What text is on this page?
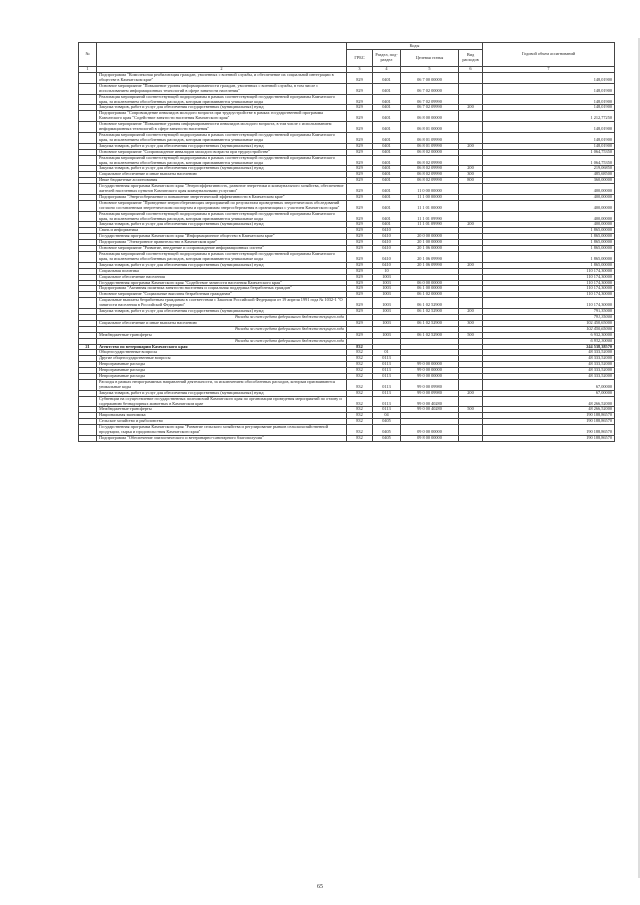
№		Коды				Годовой объем ассигнований
		ГРБС	Раздел, под-раздел	Целевая статья	Вид расходов	
1	2	3	4	5	6	7
	Подпрограмма "Комплексная реабилитация граждан, уволенных с военной службы, и обеспечение их социальной интеграции в обществе в Камчатском крае"	829	0401	06 7 00 00000		148,01900
	Основное мероприятие "Повышение уровня информированности граждан, уволенных с военной службы, в том числе с использованием информационных технологий в сфере занятости населения"	829	0401	06 7 02 00000		148,01900
	Реализация мероприятий соответствующей подпрограммы в рамках соответствующей государственной программы Камчатского края, за исключением обособленных расходов, которым присваиваются уникальные коды	829	0401	06 7 02 09990		148,01900
	Закупка товаров, работ и услуг для обеспечения государственных (муниципальных) нужд	829	0401	06 7 02 09990	200	148,01900
	Подпрограмма "Сопровождение инвалидов молодого возраста при трудоустройстве в рамках государственной программы Камчатского края "Содействие занятости населения Камчатского края"	829	0401	06 8 00 00000		1 212,77250
	Основное мероприятие "Повышение уровня информированности инвалидов молодого возраста, в том числе с использованием информационных технологий в сфере занятости населения"	829	0401	06 8 01 00000		148,01900
	Реализация мероприятий соответствующей подпрограммы в рамках соответствующей государственной программы Камчатского края, за исключением обособленных расходов, которым присваиваются уникальные коды	829	0401	06 8 01 09990		148,01900
	Закупка товаров, работ и услуг для обеспечения государственных (муниципальных) нужд	829	0401	06 8 01 09990	200	148,01900
	Основное мероприятие "Сопровождение инвалидов молодого возраста при трудоустройстве"	829	0401	06 8 02 00000		1 064,75350
	Реализация мероприятий соответствующей подпрограммы в рамках соответствующей государственной программы Камчатского края, за исключением обособленных расходов, которым присваиваются уникальные коды	829	0401	06 8 02 09990		1 064,75350
	Закупка товаров, работ и услуг для обеспечения государственных (муниципальных) нужд	829	0401	06 8 02 09990	200	219,06850
	Социальное обеспечение и иные выплаты населению	829	0401	06 8 02 09990	300	485,68500
	Иные бюджетные ассигнования	829	0401	06 8 02 09990	800	360,00000
	Государственная программа Камчатского края "Энергоэффективность, развитие энергетики и коммунального хозяйства, обеспечение жителей населенных пунктов Камчатского края коммунальными услугами"	829	0401	11 0 00 00000		400,00000
	Подпрограмма "Энергосбережение и повышение энергетической эффективности в Камчатском крае"	829	0401	11 1 00 00000		400,00000
	Основное мероприятие "Проведение энергосберегающих мероприятий по результатам проведенных энергетических обследований согласно составленным энергетическим паспортам и программам энергосбережения в организациях с участием Камчатского края"	829	0401	11 1 01 00000		400,00000
	Реализация мероприятий соответствующей подпрограммы в рамках соответствующей государственной программы Камчатского края, за исключением обособленных расходов, которым присваиваются уникальные коды	829	0401	11 1 01 09990		400,00000
	Закупка товаров, работ и услуг для обеспечения государственных (муниципальных) нужд	829	0401	11 1 01 09990	200	400,00000
	Связь и информатика	829	0410			1 865,00000
	Государственная программа Камчатского края "Информационное общество в Камчатском крае"	829	0410	20 0 00 00000		1 865,00000
	Подпрограмма "Электронное правительство в Камчатском крае"	829	0410	20 1 00 00000		1 865,00000
	Основное мероприятие "Развитие, внедрение и сопровождение информационных систем"	829	0410	20 1 06 00000		1 865,00000
	Реализация мероприятий соответствующей подпрограммы в рамках соответствующей государственной программы Камчатского края, за исключением обособленных расходов, которым присваиваются уникальные коды	829	0410	20 1 06 09990		1 865,00000
	Закупка товаров, работ и услуг для обеспечения государственных (муниципальных) нужд	829	0410	20 1 06 09990	200	1 865,00000
	Социальная политика	829	10			110 174,30000
	Социальное обеспечение населения	829	1003			110 174,30000
	Государственная программа Камчатского края "Содействие занятости населения Камчатского края"	829	1003	06 0 00 00000		110 174,30000
	Подпрограмма "Активная политика занятости населения и социальная поддержка безработных граждан"	829	1003	06 1 00 00000		110 174,30000
	Основное мероприятие "Социальные выплаты безработным гражданам"	829	1003	06 1 02 00000		110 174,30000
	Социальные выплаты безработным гражданам в соответствии с Законом Российской Федерации от 19 апреля 1991 года № 1032-1 "О занятости населения в Российской Федерации"	829	1003	06 1 02 52900		110 174,30000
	Закупка товаров, работ и услуг для обеспечения государственных (муниципальных) нужд	829	1003	06 1 02 52900	200	791,35000
	Расходы за счет средств федерального бюджета текущего года					791,35000
	Социальное обеспечение и иные выплаты населению	829	1003	06 1 02 52900	300	102 450,65000
	Расходы за счет средств федерального бюджета текущего года					102 450,65000
	Межбюджетные трансферты	829	1003	06 1 02 52900	500	6 932,30000
	Расходы за счет средств федерального бюджета текущего года					6 932,30000
21	Агентство по ветеринарии Камчатского края	832				244 538,38570
	Общегосударственные вопросы	832	01			48 333,52000
	Другие общегосударственные вопросы	832	0113			48 333,52000
	Непрограммные расходы	832	0113	99 0 00 00000		48 333,52000
	Непрограммные расходы	832	0113	99 0 00 00000		48 333,52000
	Непрограммные расходы	832	0113	99 0 00 00000		48 333,52000
	Расходы в рамках непрограммных направлений деятельности, за исключением обособленных расходов, которым присваиваются уникальные коды	832	0113	99 0 00 09980		67,00000
	Закупка товаров, работ и услуг для обеспечения государственных (муниципальных) нужд	832	0113	99 0 00 09980	200	67,00000
	Субвенции на осуществление государственных полномочий Камчатского края по организации проведения мероприятий по отлову и содержанию безнадзорных животных в Камчатском крае	832	0113	99 0 00 40280		48 266,52000
	Межбюджетные трансферты	832	0113	99 0 00 40280	500	48 266,52000
	Национальная экономика	832	04			190 188,86570
	Сельское хозяйство и рыболовство	832	0405			190 188,86570
	Государственная программа Камчатского края "Развитие сельского хозяйства и регулирование рынков сельскохозяйственной продукции, сырья и продовольствия Камчатского края"	832	0405	09 0 00 00000		190 188,86570
	Подпрограмма "Обеспечение эпизоотического и ветеринарно-санитарного благополучия"	832	0405	09 8 00 00000		190 188,86570
65
